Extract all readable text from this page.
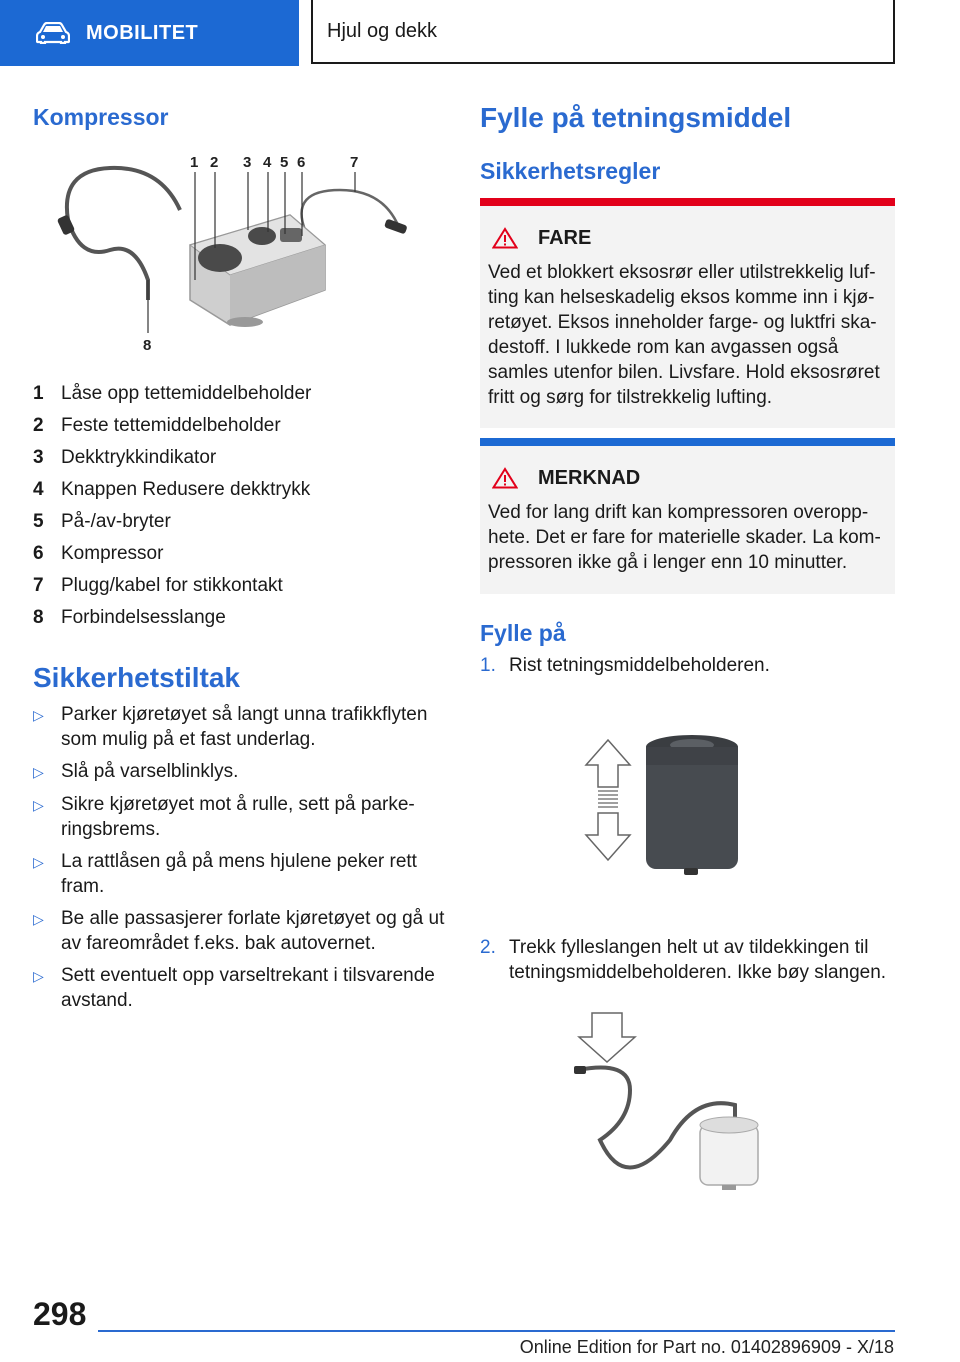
MOBILITET	Hjul og dekk
Kompressor
1 2 3 4 5 6	7
8
1 Låse opp tettemiddelbeholder
2 Feste tettemiddelbeholder
3 Dekktrykkindikator
4 Knappen Redusere dekktrykk
5 På-/av-bryter
6 Kompressor
7 Plugg/kabel for stikkontakt
8 Forbindelsesslange
Sikkerhetstiltak
▷ Parker kjøretøyet så langt unna trafikkflyten som mulig på et fast underlag.
▷ Slå på varselblinklys.
▷ Sikre kjøretøyet mot å rulle, sett på parke-ringsbrems.
▷ La rattlåsen gå på mens hjulene peker rett fram.
▷ Be alle passasjerer forlate kjøretøyet og gå ut av fareområdet f.eks. bak autovernet.
▷ Sett eventuelt opp varseltrekant i tilsvarende avstand.
Fylle på tetningsmiddel
Sikkerhetsregler
FARE
Ved et blokkert eksosrør eller utilstrekkelig luf-ting kan helseskadelig eksos komme inn i kjø-retøyet. Eksos inneholder farge- og luktfri ska-destoff. I lukkede rom kan avgassen også samles utenfor bilen. Livsfare. Hold eksosrøret fritt og sørg for tilstrekkelig lufting.
MERKNAD
Ved for lang drift kan kompressoren overopp-hete. Det er fare for materielle skader. La kom-pressoren ikke gå i lenger enn 10 minutter.
Fylle på
1. Rist tetningsmiddelbeholderen.
2. Trekk fylleslangen helt ut av tildekkingen til tetningsmiddelbeholderen. Ikke bøy slangen.
298
Online Edition for Part no. 01402896909 - X/18
